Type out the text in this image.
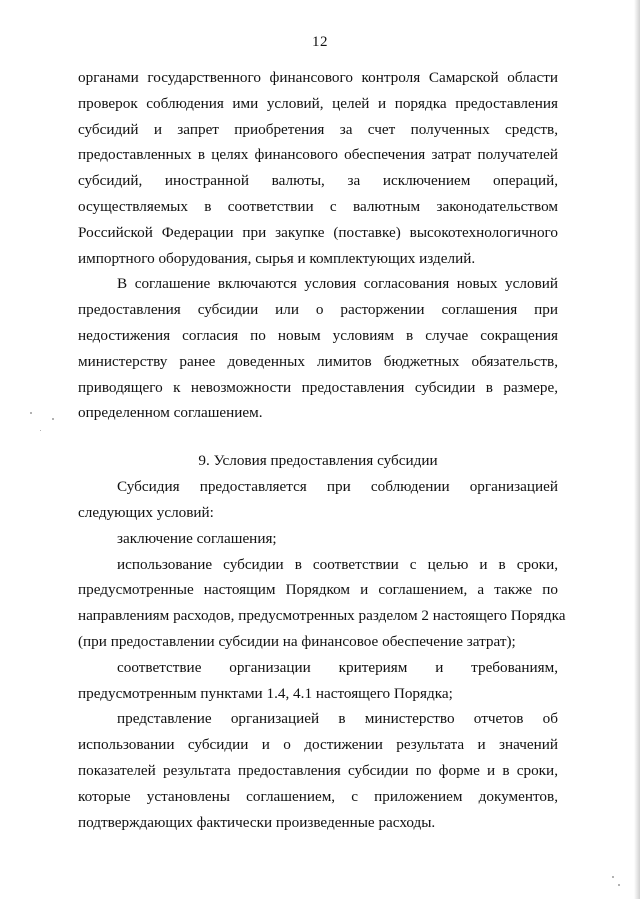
12
органами государственного финансового контроля Самарской области
проверок соблюдения ими условий, целей и порядка предоставления
субсидий и запрет приобретения за счет полученных средств,
предоставленных в целях финансового обеспечения затрат получателей
субсидий, иностранной валюты, за исключением операций,
осуществляемых в соответствии с валютным законодательством
Российской Федерации при закупке (поставке) высокотехнологичного
импортного оборудования, сырья и комплектующих изделий.
В соглашение включаются условия согласования новых условий
предоставления субсидии или о расторжении соглашения при
недостижения согласия по новым условиям в случае сокращения
министерству ранее доведенных лимитов бюджетных обязательств,
приводящего к невозможности предоставления субсидии в размере,
определенном соглашением.
9. Условия предоставления субсидии
Субсидия предоставляется при соблюдении организацией
следующих условий:
заключение соглашения;
использование субсидии в соответствии с целью и в сроки,
предусмотренные настоящим Порядком и соглашением, а также по
направлениям расходов, предусмотренных разделом 2 настоящего Порядка
(при предоставлении субсидии на финансовое обеспечение затрат);
соответствие организации критериям и требованиям,
предусмотренным пунктами 1.4, 4.1 настоящего Порядка;
представление организацией в министерство отчетов об
использовании субсидии и о достижении результата и значений
показателей результата предоставления субсидии по форме и в сроки,
которые установлены соглашением, с приложением документов,
подтверждающих фактически произведенные расходы.
